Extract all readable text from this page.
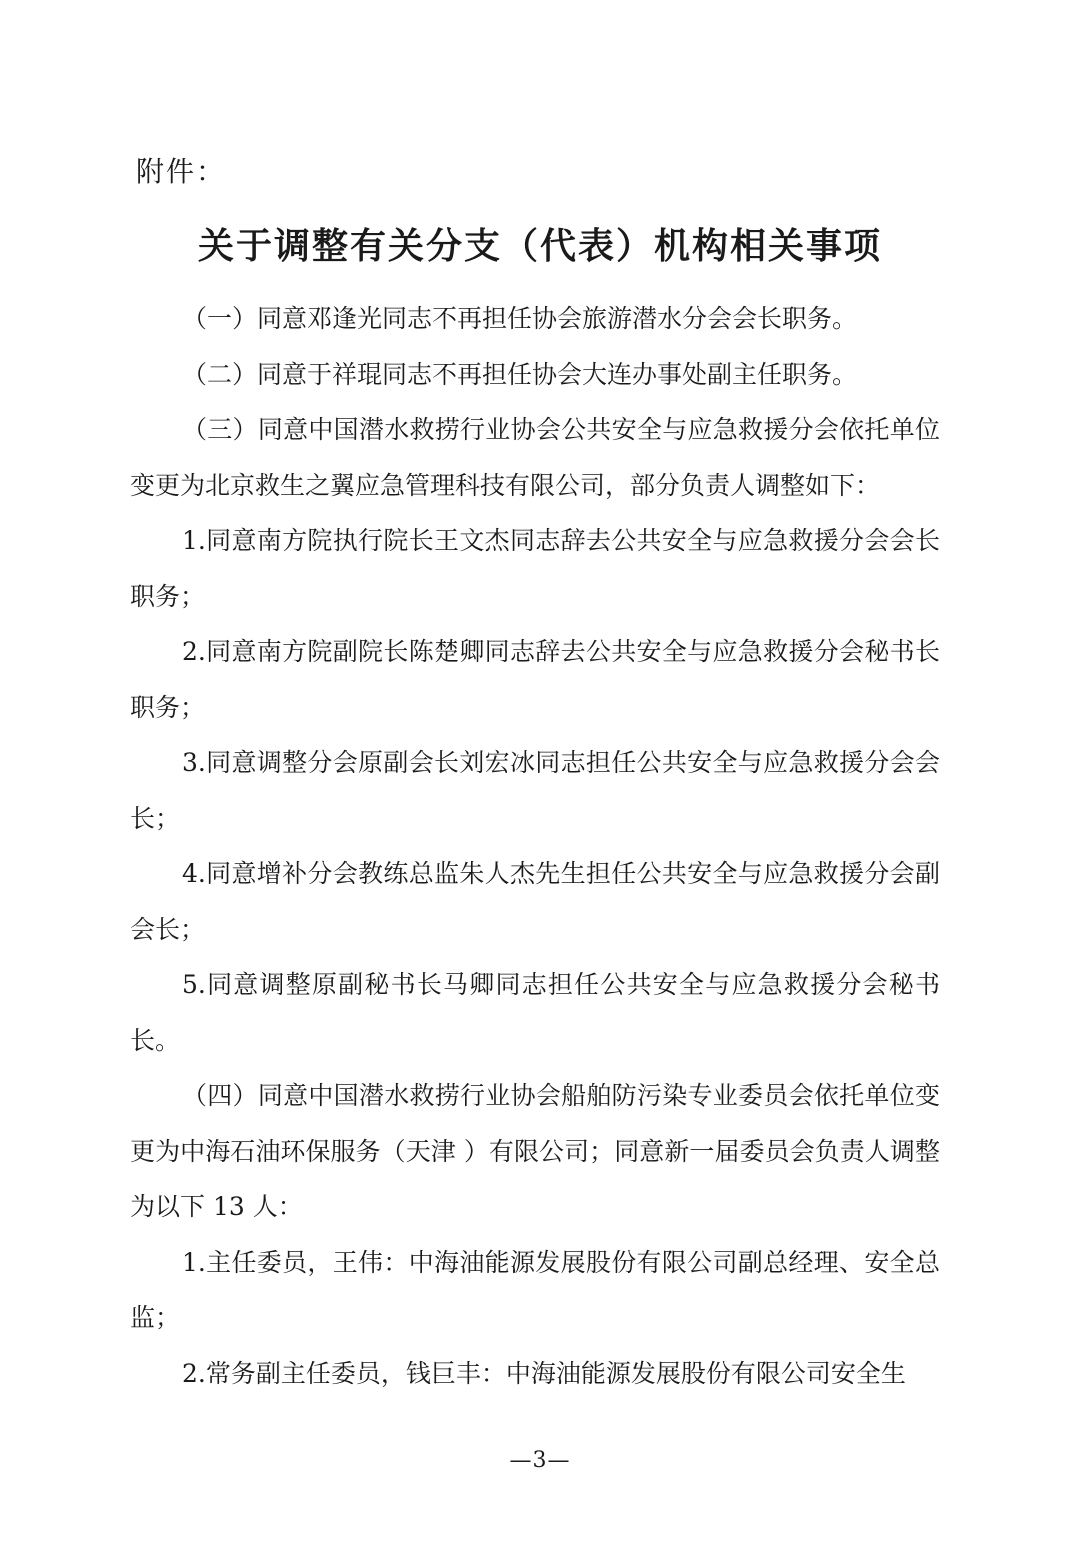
附件：
关于调整有关分支（代表）机构相关事项

（一）同意邓逢光同志不再担任协会旅游潜水分会会长职务。

（二）同意于祥琨同志不再担任协会大连办事处副主任职务。

（三）同意中国潜水救捞行业协会公共安全与应急救援分会依托单位变更为北京救生之翼应急管理科技有限公司，部分负责人调整如下：

1.同意南方院执行院长王文杰同志辞去公共安全与应急救援分会会长职务；

2.同意南方院副院长陈楚卿同志辞去公共安全与应急救援分会秘书长职务；

3.同意调整分会原副会长刘宏冰同志担任公共安全与应急救援分会会长；

4.同意增补分会教练总监朱人杰先生担任公共安全与应急救援分会副会长；

5.同意调整原副秘书长马卿同志担任公共安全与应急救援分会秘书长。

（四）同意中国潜水救捞行业协会船舶防污染专业委员会依托单位变更为中海石油环保服务（天津 ）有限公司；同意新一届委员会负责人调整为以下 13 人：

1.主任委员，王伟：中海油能源发展股份有限公司副总经理、安全总监；

2.常务副主任委员，钱巨丰：中海油能源发展股份有限公司安全生

—3—
